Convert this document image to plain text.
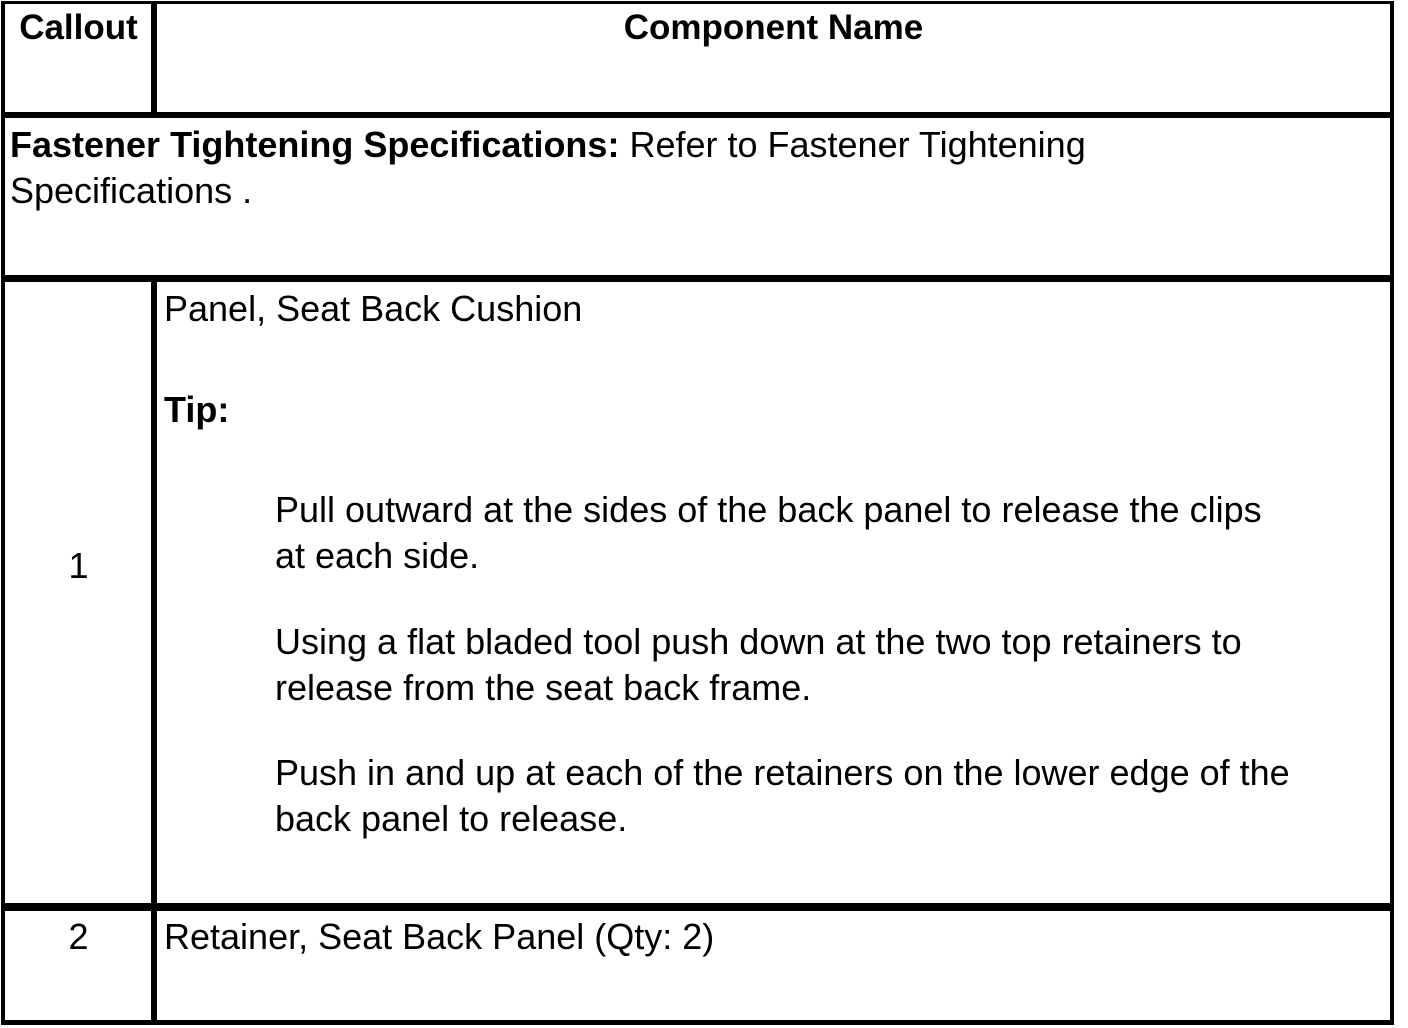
Callout	Component Name
Fastener Tightening Specifications: Refer to Fastener Tightening
Specifications .
1
Panel, Seat Back Cushion
Tip:
Pull outward at the sides of the back panel to release the clips
at each side.
Using a flat bladed tool push down at the two top retainers to
release from the seat back frame.
Push in and up at each of the retainers on the lower edge of the
back panel to release.
2	Retainer, Seat Back Panel (Qty: 2)
